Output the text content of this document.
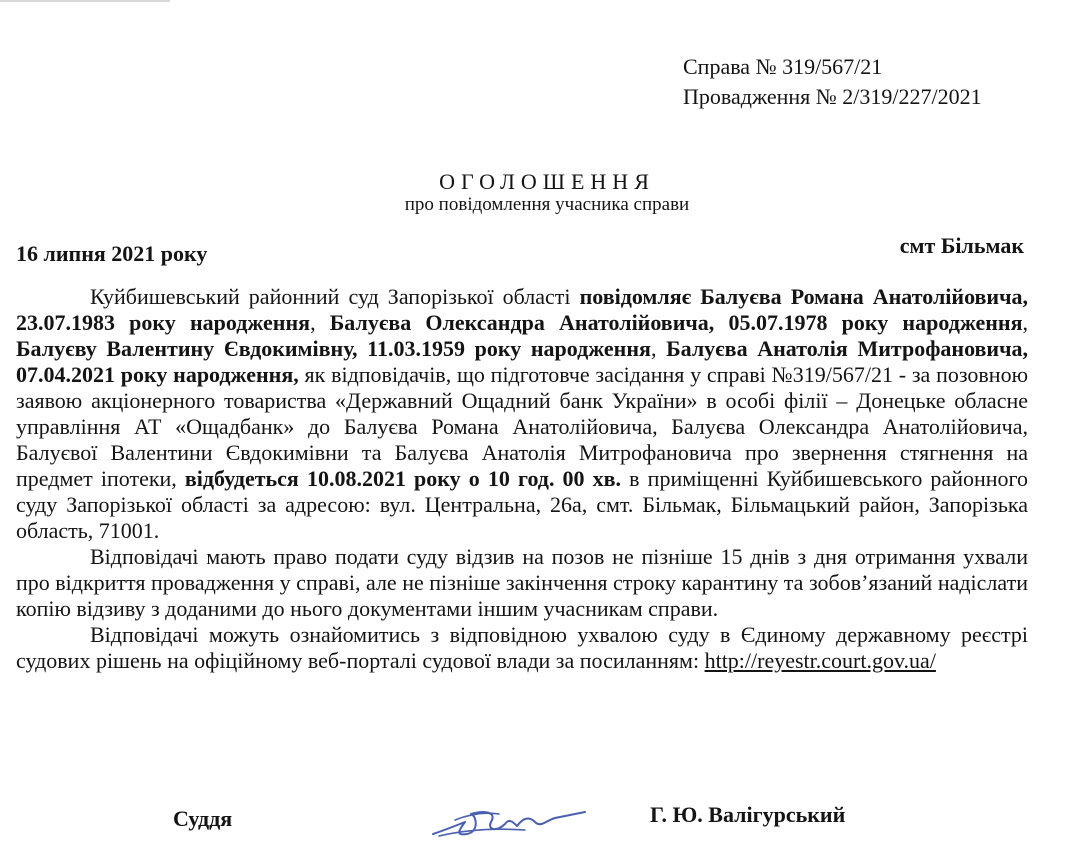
Справа № 319/567/21
Провадження № 2/319/227/2021
ОГОЛОШЕННЯ
про повідомлення учасника справи
16 липня 2021 року	смт Більмак

Куйбишевський районний суд Запорізької області повідомляє Балуєва Романа Анатолійовича, 23.07.1983 року народження, Балуєва Олександра Анатолійовича, 05.07.1978 року народження, Балуєву Валентину Євдокимівну, 11.03.1959 року народження, Балуєва Анатолія Митрофановича, 07.04.2021 року народження, як відповідачів, що підготовче засідання у справі №319/567/21 - за позовною заявою акціонерного товариства «Державний Ощадний банк України» в особі філії – Донецьке обласне управління АТ «Ощадбанк» до Балуєва Романа Анатолійовича, Балуєва Олександра Анатолійовича, Балуєвої Валентини Євдокимівни та Балуєва Анатолія Митрофановича про звернення стягнення на предмет іпотеки, відбудеться 10.08.2021 року о 10 год. 00 хв. в приміщенні Куйбишевського районного суду Запорізької області за адресою: вул. Центральна, 26а, смт. Більмак, Більмацький район, Запорізька область, 71001.

Відповідачі мають право подати суду відзив на позов не пізніше 15 днів з дня отримання ухвали про відкриття провадження у справі, але не пізніше закінчення строку карантину та зобов’язаний надіслати копію відзиву з доданими до нього документами іншим учасникам справи.

Відповідачі можуть ознайомитись з відповідною ухвалою суду в Єдиному державному реєстрі судових рішень на офіційному веб-порталі судової влади за посиланням: http://reyestr.court.gov.ua/

Суддя	Г. Ю. Валігурський
